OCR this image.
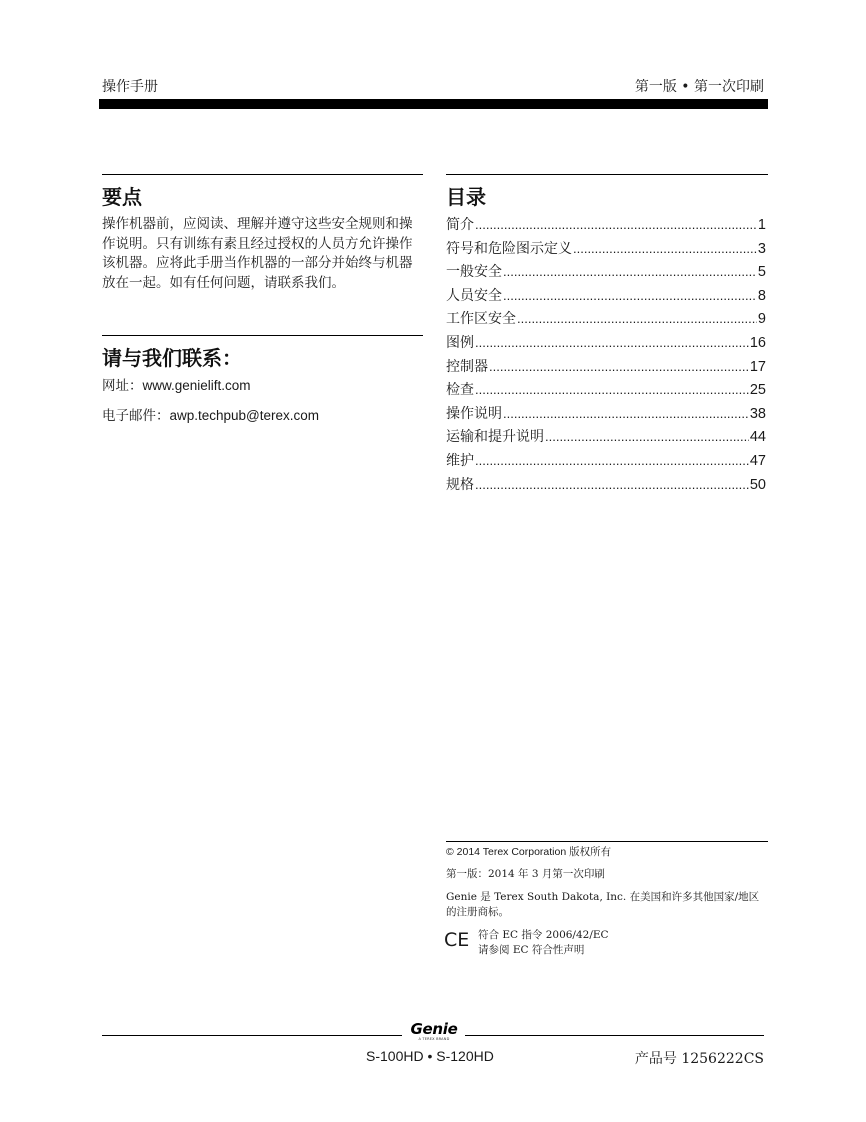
操作手册	第一版 • 第一次印刷
要点
操作机器前，应阅读、理解并遵守这些安全规则和操作说明。只有训练有素且经过授权的人员方允许操作该机器。应将此手册当作机器的一部分并始终与机器放在一起。如有任何问题，请联系我们。
请与我们联系：
网址：www.genielift.com
电子邮件：awp.techpub@terex.com
目录
简介 .....	1
符号和危险图示定义 .....	3
一般安全 .....	5
人员安全 .....	8
工作区安全 .....	9
图例 .....	16
控制器 .....	17
检查 .....	25
操作说明 .....	38
运输和提升说明 .....	44
维护 .....	47
规格 .....	50
© 2014 Terex Corporation 版权所有
第一版：2014 年 3 月第一次印刷
Genie 是 Terex South Dakota, Inc. 在美国和许多其他国家/地区的注册商标。
CE 符合 EC 指令 2006/42/EC
请参阅 EC 符合性声明
Genie
A TEREX BRAND
S-100HD • S-120HD	产品号 1256222CS
